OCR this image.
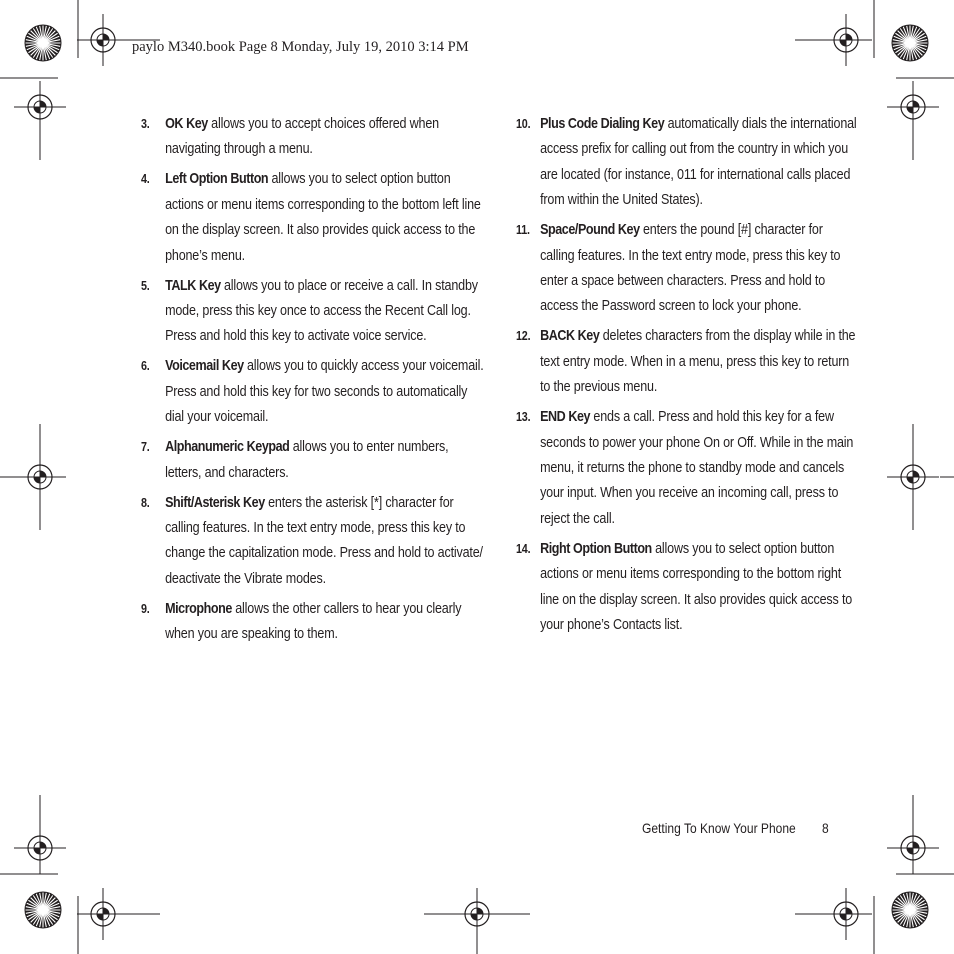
paylo M340.book Page 8 Monday, July 19, 2010 3:14 PM
3. OK Key allows you to accept choices offered when navigating through a menu.
4. Left Option Button allows you to select option button actions or menu items corresponding to the bottom left line on the display screen. It also provides quick access to the phone’s menu.
5. TALK Key allows you to place or receive a call. In standby mode, press this key once to access the Recent Call log. Press and hold this key to activate voice service.
6. Voicemail Key allows you to quickly access your voicemail. Press and hold this key for two seconds to automatically dial your voicemail.
7. Alphanumeric Keypad allows you to enter numbers, letters, and characters.
8. Shift/Asterisk Key enters the asterisk [*] character for calling features. In the text entry mode, press this key to change the capitalization mode. Press and hold to activate/ deactivate the Vibrate modes.
9. Microphone allows the other callers to hear you clearly when you are speaking to them.
10. Plus Code Dialing Key automatically dials the international access prefix for calling out from the country in which you are located (for instance, 011 for international calls placed from within the United States).
11. Space/Pound Key enters the pound [#] character for calling features. In the text entry mode, press this key to enter a space between characters. Press and hold to access the Password screen to lock your phone.
12. BACK Key deletes characters from the display while in the text entry mode. When in a menu, press this key to return to the previous menu.
13. END Key ends a call. Press and hold this key for a few seconds to power your phone On or Off. While in the main menu, it returns the phone to standby mode and cancels your input. When you receive an incoming call, press to reject the call.
14. Right Option Button allows you to select option button actions or menu items corresponding to the bottom right line on the display screen. It also provides quick access to your phone’s Contacts list.
Getting To Know Your Phone 8
